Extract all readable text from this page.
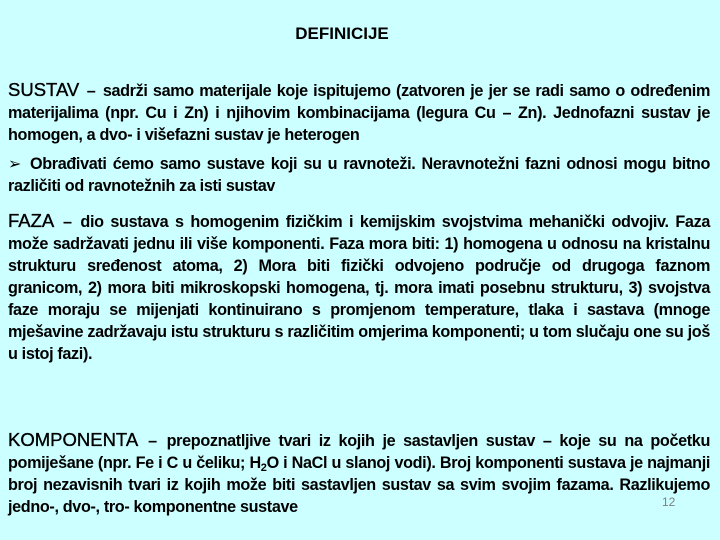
DEFINICIJE
SUSTAV – sadrži samo materijale koje ispitujemo (zatvoren je jer se radi samo o određenim materijalima (npr. Cu i Zn) i njihovim kombinacijama (legura Cu – Zn). Jednofazni sustav je homogen, a dvo- i višefazni sustav je heterogen
➢ Obrađivati ćemo samo sustave koji su u ravnoteži. Neravnotežni fazni odnosi mogu bitno različiti od ravnotežnih za isti sustav
FAZA – dio sustava s homogenim fizičkim i kemijskim svojstvima mehanički odvojiv. Faza može sadržavati jednu ili više komponenti. Faza mora biti: 1) homogena u odnosu na kristalnu strukturu sređenost atoma, 2) Mora biti fizički odvojeno područje od drugoga faznom granicom, 2) mora biti mikroskopski homogena, tj. mora imati posebnu strukturu, 3) svojstva faze moraju se mijenjati kontinuirano s promjenom temperature, tlaka i sastava (mnoge mješavine zadržavaju istu strukturu s različitim omjerima komponenti; u tom slučaju one su još u istoj fazi).
KOMPONENTA – prepoznatljive tvari iz kojih je sastavljen sustav – koje su na početku pomiješane (npr. Fe i C u čeliku; $H_2O$ i NaCl u slanoj vodi). Broj komponenti sustava je najmanji broj nezavisnih tvari iz kojih može biti sastavljen sustav sa svim svojim fazama. Razlikujemo jedno-, dvo-, tro- komponentne sustave	12
